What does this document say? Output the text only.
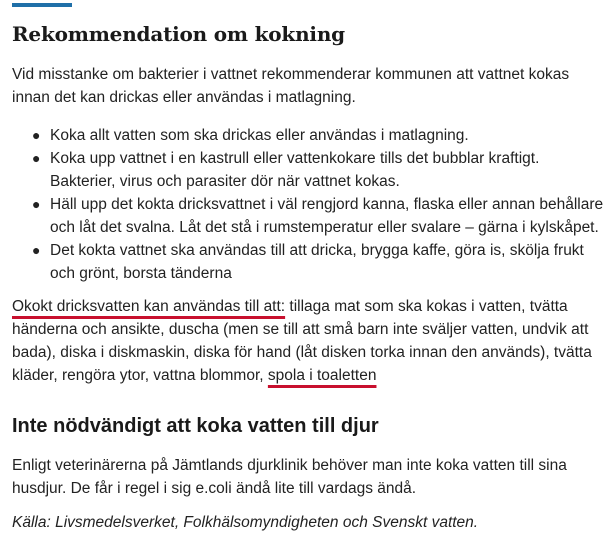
Rekommendation om kokning

Vid misstanke om bakterier i vattnet rekommenderar kommunen att vattnet kokas innan det kan drickas eller användas i matlagning.

● Koka allt vatten som ska drickas eller användas i matlagning.
● Koka upp vattnet i en kastrull eller vattenkokare tills det bubblar kraftigt. Bakterier, virus och parasiter dör när vattnet kokas.
● Häll upp det kokta dricksvattnet i väl rengjord kanna, flaska eller annan behållare och låt det svalna. Låt det stå i rumstemperatur eller svalare – gärna i kylskåpet.
● Det kokta vattnet ska användas till att dricka, brygga kaffe, göra is, skölja frukt och grönt, borsta tänderna

Okokt dricksvatten kan användas till att: tillaga mat som ska kokas i vatten, tvätta händerna och ansikte, duscha (men se till att små barn inte sväljer vatten, undvik att bada), diska i diskmaskin, diska för hand (låt disken torka innan den används), tvätta kläder, rengöra ytor, vattna blommor, spola i toaletten

Inte nödvändigt att koka vatten till djur

Enligt veterinärerna på Jämtlands djurklinik behöver man inte koka vatten till sina husdjur. De får i regel i sig e.coli ändå lite till vardags ändå.

Källa: Livsmedelsverket, Folkhälsomyndigheten och Svenskt vatten.
